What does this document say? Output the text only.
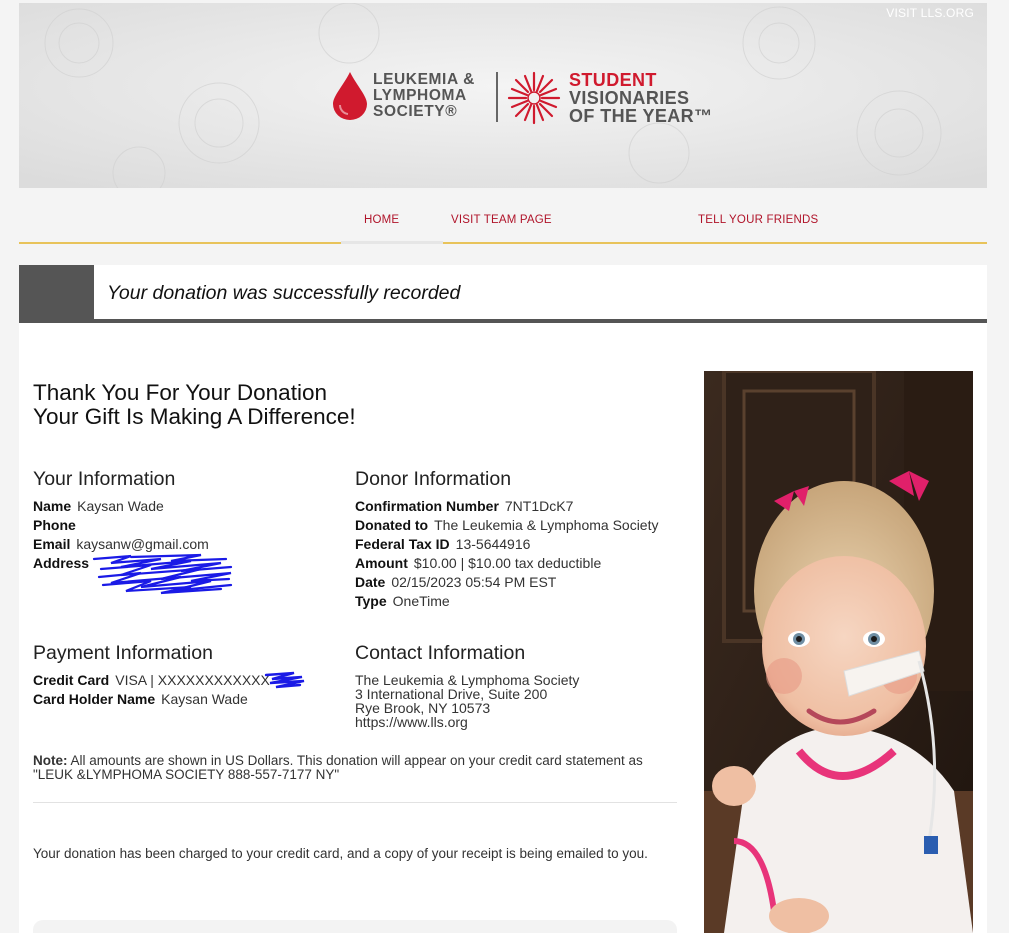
VISIT LLS.ORG
LEUKEMIA &
LYMPHOMA
SOCIETY®
STUDENT
VISIONARIES
OF THE YEAR™
HOME	VISIT TEAM PAGE	TELL YOUR FRIENDS
Your donation was successfully recorded
Thank You For Your Donation
Your Gift Is Making A Difference!
Your Information
Name Kaysan Wade
Phone
Email kaysanw@gmail.com
Address
Donor Information
Confirmation Number 7NT1DcK7
Donated to The Leukemia & Lymphoma Society
Federal Tax ID 13-5644916
Amount $10.00 | $10.00 tax deductible
Date 02/15/2023 05:54 PM EST
Type OneTime
Payment Information
Credit Card VISA | XXXXXXXXXXXX
Card Holder Name Kaysan Wade
Contact Information
The Leukemia & Lymphoma Society
3 International Drive, Suite 200
Rye Brook, NY 10573
https://www.lls.org
Note: All amounts are shown in US Dollars. This donation will appear on your credit card statement as "LEUK &LYMPHOMA SOCIETY 888-557-7177 NY"
Your donation has been charged to your credit card, and a copy of your receipt is being emailed to you.
